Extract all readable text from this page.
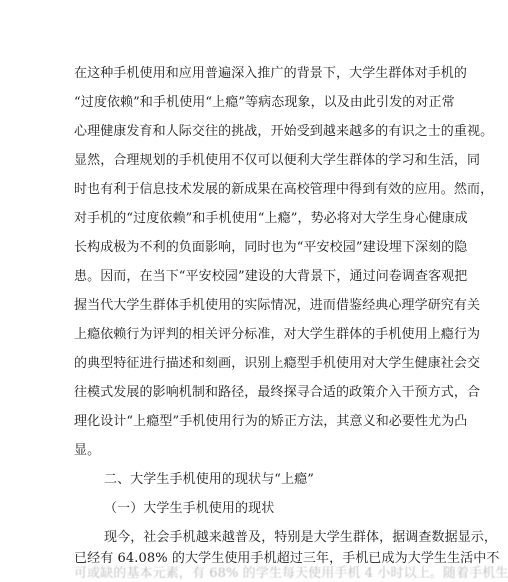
在这种手机使用和应用普遍深入推广的背景下，大学生群体对手机的
“过度依赖”和手机使用“上瘾”等病态现象，以及由此引发的对正常
心理健康发育和人际交往的挑战，开始受到越来越多的有识之士的重视。
显然，合理规划的手机使用不仅可以便利大学生群体的学习和生活，同
时也有利于信息技术发展的新成果在高校管理中得到有效的应用。然而，
对手机的“过度依赖”和手机使用“上瘾”，势必将对大学生身心健康成
长构成极为不利的负面影响，同时也为“平安校园”建设埋下深刻的隐
患。因而，在当下“平安校园”建设的大背景下，通过问卷调查客观把
握当代大学生群体手机使用的实际情况，进而借鉴经典心理学研究有关
上瘾依赖行为评判的相关评分标准，对大学生群体的手机使用上瘾行为
的典型特征进行描述和刻画，识别上瘾型手机使用对大学生健康社会交
往模式发展的影响机制和路径，最终探寻合适的政策介入干预方式，合
理化设计“上瘾型”手机使用行为的矫正方法，其意义和必要性尤为凸
显。
二、大学生手机使用的现状与“上瘾”
（一）大学生手机使用的现状
现今，社会手机越来越普及，特别是大学生群体，据调查数据显示，
已经有 64.08% 的大学生使用手机超过三年，手机已成为大学生生活中不
可或缺的基本元素，有 68% 的学生每天使用手机 4 小时以上。随着手机生
